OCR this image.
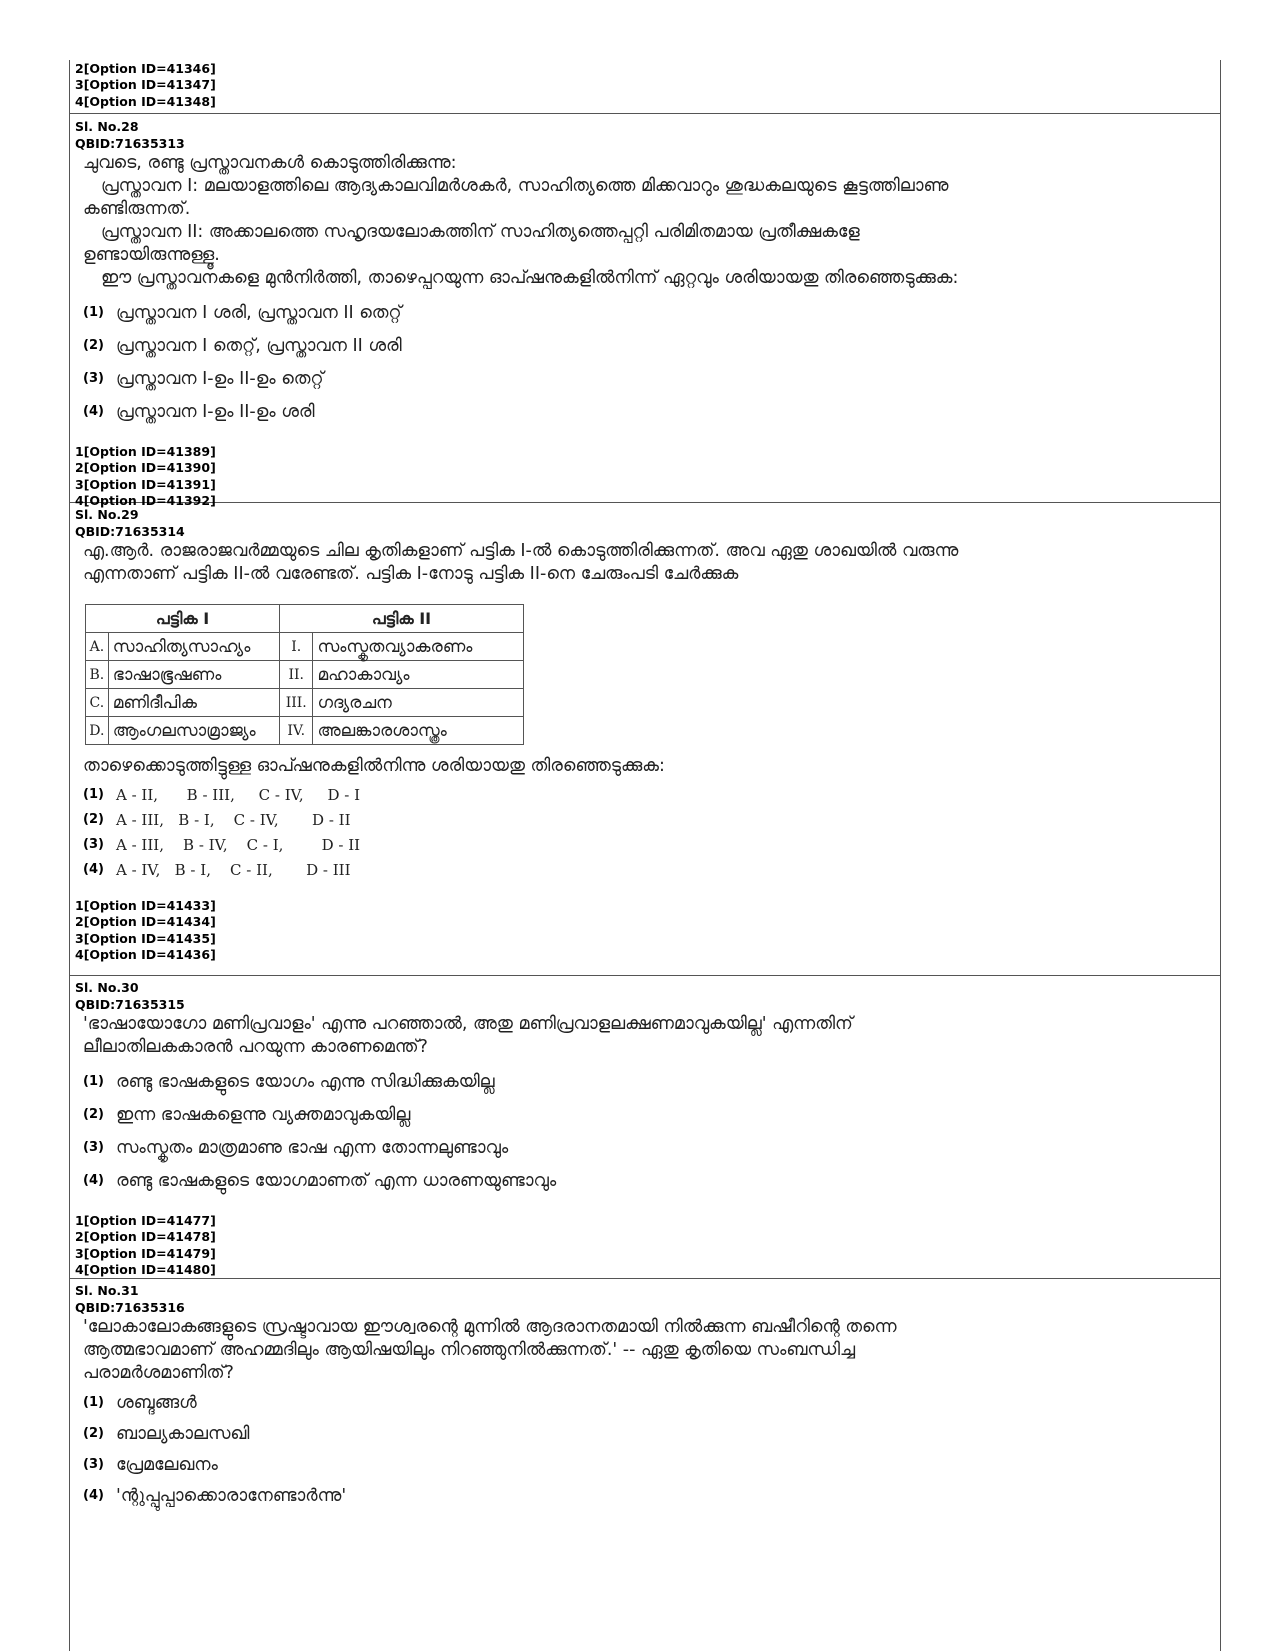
2[Option ID=41346]
3[Option ID=41347]
4[Option ID=41348]
Sl. No.28
QBID:71635313
ചുവടെ, രണ്ടു പ്രസ്താവനകൾ കൊടുത്തിരിക്കുന്നു:
പ്രസ്താവന I: മലയാളത്തിലെ ആദ്യകാലവിമർശകർ, സാഹിത്യത്തെ മിക്കവാറും ശുദ്ധകലയുടെ കൂട്ടത്തിലാണു
കണ്ടിരുന്നത്.
പ്രസ്താവന II: അക്കാലത്തെ സഹൃദയലോകത്തിന് സാഹിത്യത്തെപ്പറ്റി പരിമിതമായ പ്രതീക്ഷകളേ
ഉണ്ടായിരുന്നുള്ളൂ.
ഈ പ്രസ്താവനകളെ മുൻനിർത്തി, താഴെപ്പറയുന്ന ഓപ്ഷനുകളിൽനിന്ന് ഏറ്റവും ശരിയായതു തിരഞ്ഞെടുക്കുക:
(1) പ്രസ്താവന I ശരി, പ്രസ്താവന II തെറ്റ്
(2) പ്രസ്താവന I തെറ്റ്, പ്രസ്താവന II ശരി
(3) പ്രസ്താവന I-ഉം II-ഉം തെറ്റ്
(4) പ്രസ്താവന I-ഉം II-ഉം ശരി
1[Option ID=41389]
2[Option ID=41390]
3[Option ID=41391]
4[Option ID=41392]
Sl. No.29
QBID:71635314
എ.ആർ. രാജരാജവർമ്മയുടെ ചില കൃതികളാണ് പട്ടിക I-ൽ കൊടുത്തിരിക്കുന്നത്. അവ ഏതു ശാഖയിൽ വരുന്നു
എന്നതാണ് പട്ടിക II-ൽ വരേണ്ടത്. പട്ടിക I-നോടു പട്ടിക II-നെ ചേരുംപടി ചേർക്കുക
പട്ടിക I		പട്ടിക II	
A.	സാഹിത്യസാഹ്യം	I.	സംസ്കൃതവ്യാകരണം
B.	ഭാഷാഭൂഷണം	II.	മഹാകാവ്യം
C.	മണിദീപിക	III.	ഗദ്യരചന
D.	ആംഗലസാമ്രാജ്യം	IV.	അലങ്കാരശാസ്ത്രം
താഴെക്കൊടുത്തിട്ടുള്ള ഓപ്ഷനുകളിൽനിന്നു ശരിയായതു തിരഞ്ഞെടുക്കുക:
(1) A - II,      B - III,     C - IV,     D - I
(2) A - III,   B - I,    C - IV,       D - II
(3) A - III,    B - IV,    C - I,        D - II
(4) A - IV,   B - I,    C - II,       D - III
1[Option ID=41433]
2[Option ID=41434]
3[Option ID=41435]
4[Option ID=41436]
Sl. No.30
QBID:71635315
'ഭാഷായോഗോ മണിപ്രവാളം' എന്നു പറഞ്ഞാൽ, അതു മണിപ്രവാളലക്ഷണമാവുകയില്ല' എന്നതിന്
ലീലാതിലകകാരൻ പറയുന്ന കാരണമെന്ത്?
(1) രണ്ടു ഭാഷകളുടെ യോഗം എന്നു സിദ്ധിക്കുകയില്ല
(2) ഇന്ന ഭാഷകളെന്നു വ്യക്തമാവുകയില്ല
(3) സംസ്കൃതം മാത്രമാണു ഭാഷ എന്ന തോന്നലുണ്ടാവും
(4) രണ്ടു ഭാഷകളുടെ യോഗമാണത് എന്ന ധാരണയുണ്ടാവും
1[Option ID=41477]
2[Option ID=41478]
3[Option ID=41479]
4[Option ID=41480]
Sl. No.31
QBID:71635316
'ലോകാലോകങ്ങളുടെ സ്രഷ്ടാവായ ഈശ്വരന്റെ മുന്നിൽ ആദരാനതമായി നിൽക്കുന്ന ബഷീറിന്റെ തന്നെ
ആത്മഭാവമാണ് അഹമ്മദിലും ആയിഷയിലും നിറഞ്ഞുനിൽക്കുന്നത്.' -- ഏതു കൃതിയെ സംബന്ധിച്ച
പരാമർശമാണിത്?
(1) ശബ്ദങ്ങൾ
(2) ബാല്യകാലസഖി
(3) പ്രേമലേഖനം
(4) 'ന്റുപ്പുപ്പാക്കൊരാനേണ്ടാർന്നു'
